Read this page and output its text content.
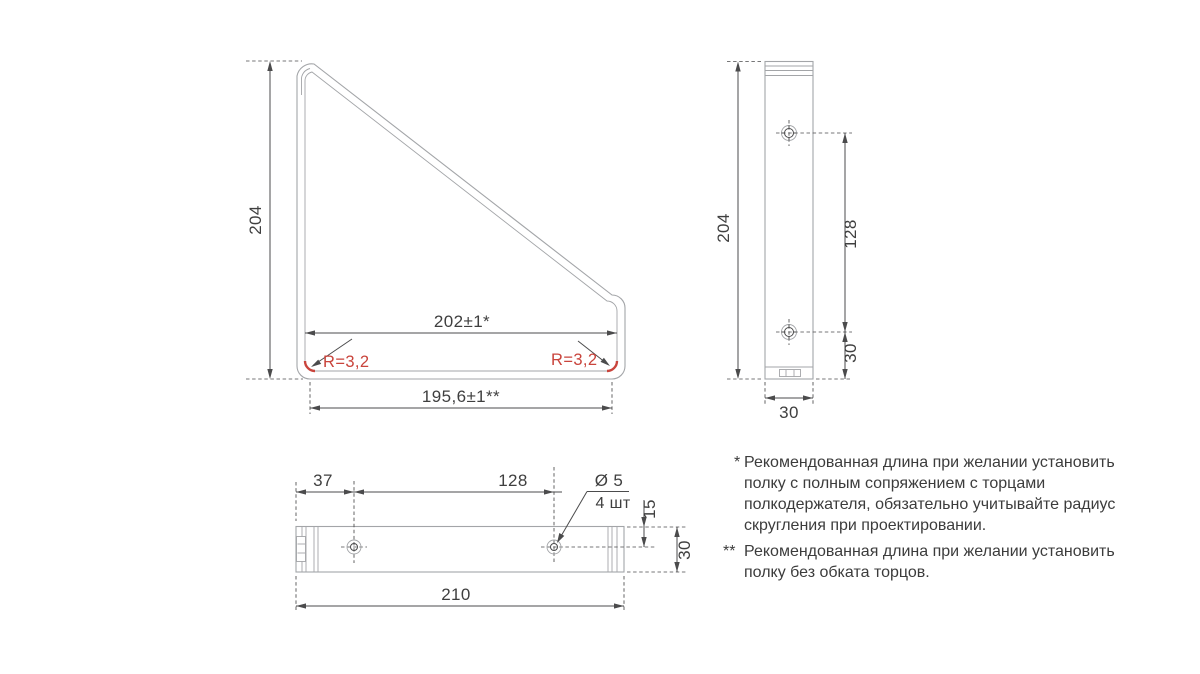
204
202±1*
195,6±1**
R=3,2	R=3,2
204	128
30
30
37	128	Ø 5
4 шт 15
30
210
* Рекомендованная длина при желании установить
полку с полным сопряжением с торцами
полкодержателя, обязательно учитывайте радиус
скругления при проектировании.
** Рекомендованная длина при желании установить
полку без обката торцов.
